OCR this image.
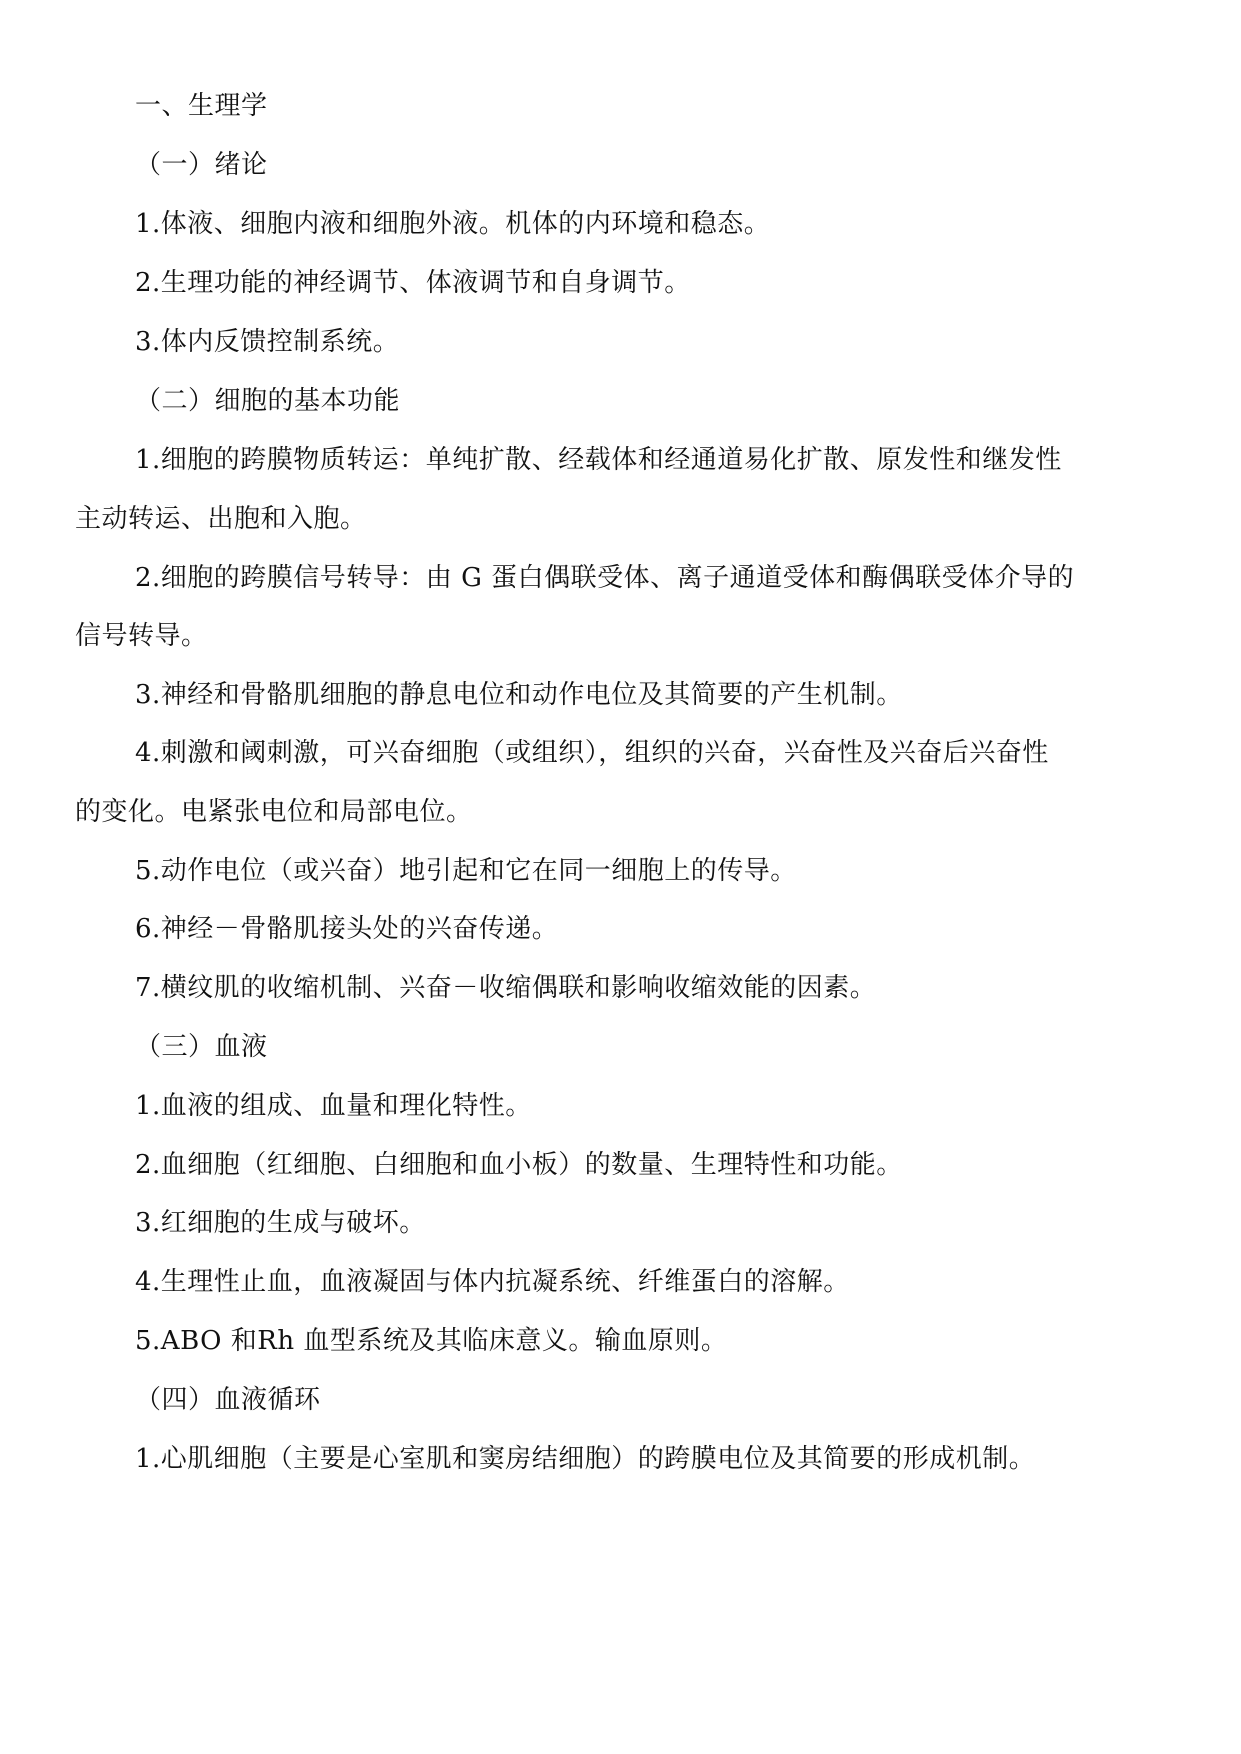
一、生理学
（一）绪论
1.体液、细胞内液和细胞外液。机体的内环境和稳态。
2.生理功能的神经调节、体液调节和自身调节。
3.体内反馈控制系统。
（二）细胞的基本功能
1.细胞的跨膜物质转运：单纯扩散、经载体和经通道易化扩散、原发性和继发性
主动转运、出胞和入胞。
2.细胞的跨膜信号转导：由 G 蛋白偶联受体、离子通道受体和酶偶联受体介导的
信号转导。
3.神经和骨骼肌细胞的静息电位和动作电位及其简要的产生机制。
4.刺激和阈刺激，可兴奋细胞（或组织），组织的兴奋，兴奋性及兴奋后兴奋性
的变化。电紧张电位和局部电位。
5.动作电位（或兴奋）地引起和它在同一细胞上的传导。
6.神经－骨骼肌接头处的兴奋传递。
7.横纹肌的收缩机制、兴奋－收缩偶联和影响收缩效能的因素。
（三）血液
1.血液的组成、血量和理化特性。
2.血细胞（红细胞、白细胞和血小板）的数量、生理特性和功能。
3.红细胞的生成与破坏。
4.生理性止血，血液凝固与体内抗凝系统、纤维蛋白的溶解。
5.ABO 和Rh 血型系统及其临床意义。输血原则。
（四）血液循环
1.心肌细胞（主要是心室肌和窦房结细胞）的跨膜电位及其简要的形成机制。
